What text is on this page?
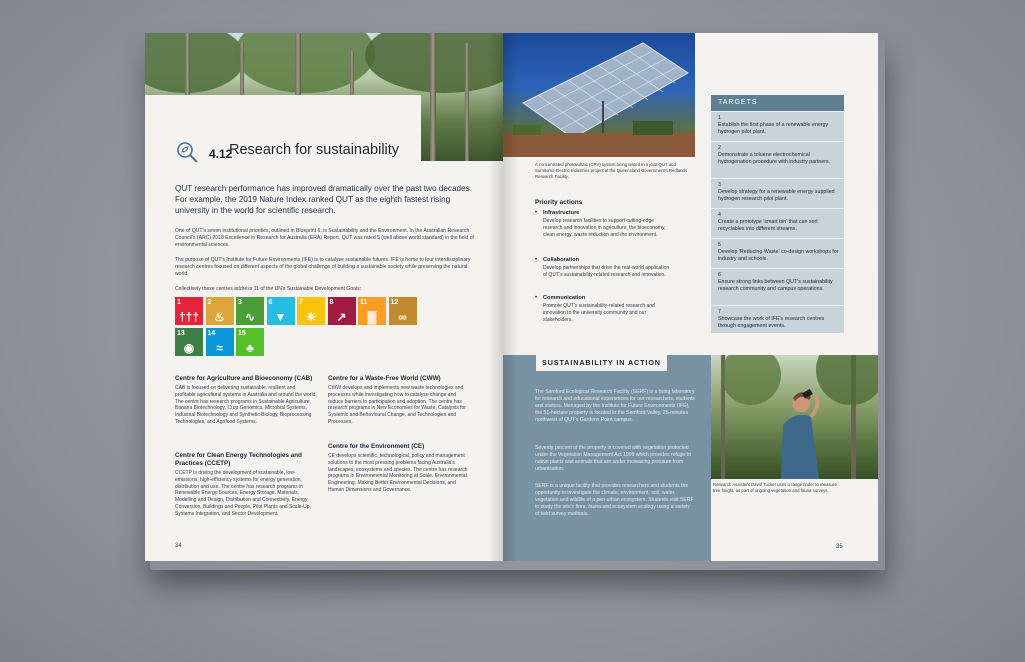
4.12
Research for sustainability
QUT research performance has improved dramatically over the past two decades. For example, the 2019 Nature Index ranked QUT as the eighth fastest rising university in the world for scientific research.
One of QUT's seven institutional priorities, outlined in Blueprint 6, is Sustainability and the Environment. In the Australian Research Council's (ARC) 2018 Excellence in Research for Australia (ERA) Report, QUT was rated 5 (well above world standard) in the field of environmental sciences.
The purpose of QUT's Institute for Future Environments (IFE) is to catalyse sustainable futures. IFE is home to four interdisciplinary research centres focused on different aspects of the global challenge of building a sustainable society while preserving the natural world.
Collectively these centres address 11 of the UN's Sustainable Development Goals:
1
†††
2
♨
3
∿
6
▼
7
☀
8
↗
11
▓
12
∞
13
◉
14
≈
15
♣
Centre for Agriculture and Bioeconomy (CAB)
CAB is focused on delivering sustainable, resilient and profitable agricultural systems in Australia and around the world. The centre has research programs in Sustainable Agriculture, Banana Biotechnology, Crop Genomics, Microbial Systems, Industrial Biotechnology and Synthetic Biology, Bioprocessing Technologies, and Agrifood Systems.
Centre for Clean Energy Technologies and Practices (CCETP)
CCETP is driving the development of sustainable, low-emissions, high-efficiency systems for energy generation, distribution and use. The centre has research programs in Renewable Energy Sources, Energy Storage, Materials, Modelling and Design, Distribution and Connectivity, Energy Conversion, Buildings and People, Pilot Plants and Scale-Up, Systems Integration, and Sector Development.
Centre for a Waste-Free World (CWW)
CWW develops and implements new waste technologies and processes while investigating how to catalyse change and reduce barriers to participation and adoption. The centre has research programs in New Economies for Waste, Catalysts for Systemic and Behavioural Change, and Technologies and Processes.
Centre for the Environment (CE)
CE develops scientific, technological, policy and management solutions to the most pressing problems facing Australia's landscapes, ecosystems and species. The centre has research programs in Environmental Monitoring at Scale, Environmental Engineering, Making Better Environmental Decisions, and Human Dimensions and Governance.
34
A concentrated photovoltaic (CPV) system being tested in a joint QUT and Sumitomo Electric Industries project at the Queensland Government's Redlands Research Facility.
Priority actions
• Infrastructure
Develop research facilities to support cutting-edge research and innovation in agriculture, the bioeconomy, clean energy, waste reduction and the environment.
• Collaboration
Develop partnerships that drive the real-world application of QUT's sustainability-related research and innovation.
• Communication
Promote QUT's sustainability-related research and innovation to the university community and our stakeholders.
TARGETS
1
Establish the first phase of a renewable energy hydrogen pilot plant.
2
Demonstrate a toluene electrochemical hydrogenation procedure with industry partners.
3
Develop strategy for a renewable energy supplied hydrogen research pilot plant.
4
Create a prototype 'smart bin' that can sort recyclables into different streams.
5
Develop 'Reducing Waste' co-design workshops for industry and schools.
6
Ensure strong links between QUT's sustainability research community and campus operations.
7
Showcase the work of IFE's research centres through engagement events.
SUSTAINABILITY IN ACTION
The Samford Ecological Research Facility (SERF) is a living laboratory for research and educational experiences for our researchers, students and visitors. Managed by the Institute for Future Environments (IFE), the 51-hectare property is located in the Samford Valley, 25-minutes northwest of QUT's Gardens Point campus.
Seventy percent of the property is covered with vegetation protected under the Vegetation Management Act 1999 which provides refuge to native plants and animals that are under increasing pressure from urbanisation.
SERF is a unique facility that provides researchers and students the opportunity to investigate the climate, environment, soil, water, vegetation and wildlife of a peri-urban ecosystem. Students visit SERF to study the site's flora, fauna and ecosystem ecology using a variety of field survey methods.
Research Assistant David Tucker uses a range finder to measure tree height, as part of ongoing vegetation and fauna surveys.
35
